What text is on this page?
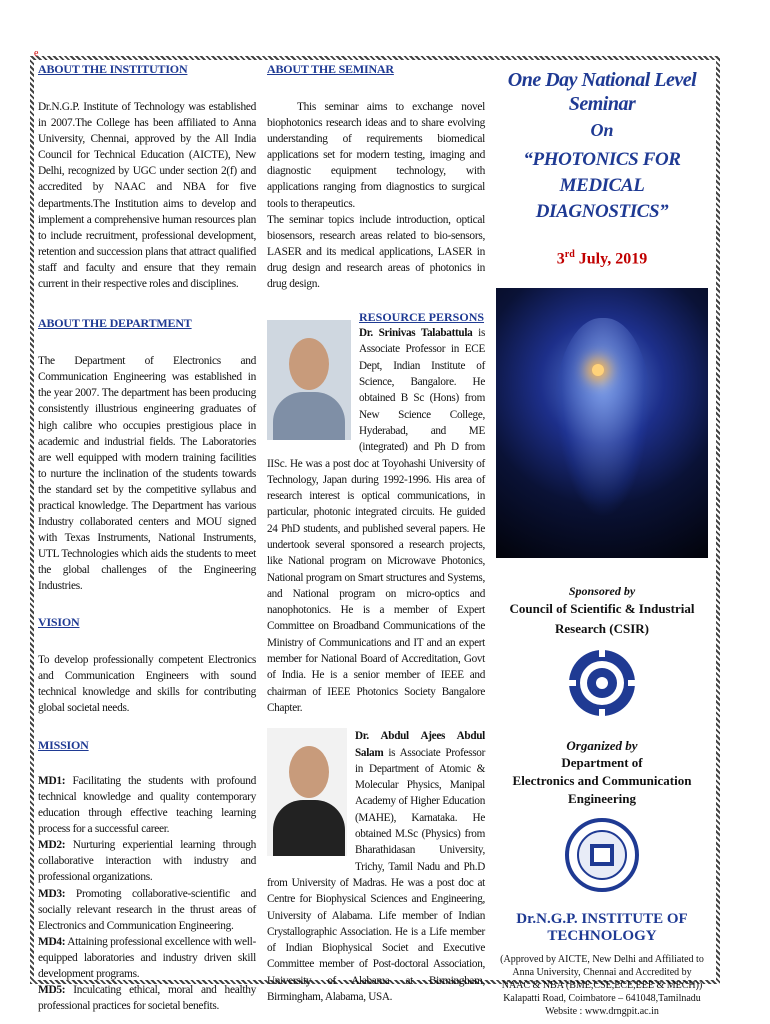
e
ABOUT THE INSTITUTION
Dr.N.G.P. Institute of Technology was established in 2007.The College has been affiliated to Anna University, Chennai, approved by the All India Council for Technical Education (AICTE), New Delhi, recognized by UGC under section 2(f) and accredited by NAAC and NBA for five departments.The Institution aims to develop and implement a comprehensive human resources plan to include recruitment, professional development, retention and succession plans that attract qualified staff and faculty and ensure that they remain current in their respective roles and disciplines.
ABOUT THE DEPARTMENT
The Department of Electronics and Communication Engineering was established in the year 2007. The department has been producing consistently illustrious engineering graduates of high calibre who occupies prestigious place in academic and industrial fields. The Laboratories are well equipped with modern training facilities to nurture the inclination of the students towards the standard set by the competitive syllabus and practical knowledge. The Department has various Industry collaborated centers and MOU signed with Texas Instruments, National Instruments, UTL Technologies which aids the students to meet the global challenges of the Engineering Industries.
VISION
To develop professionally competent Electronics and Communication Engineers with sound technical knowledge and skills for contributing global societal needs.
MISSION
MD1: Facilitating the students with profound technical knowledge and quality contemporary education through effective teaching learning process for a successful career.
MD2: Nurturing experiential learning through collaborative interaction with industry and professional organizations.
MD3: Promoting collaborative-scientific and socially relevant research in the thrust areas of Electronics and Communication Engineering.
MD4: Attaining professional excellence with well-equipped laboratories and industry driven skill development programs.
MD5: Inculcating ethical, moral and healthy professional practices for societal benefits.
ABOUT THE SEMINAR
This seminar aims to exchange novel biophotonics research ideas and to share evolving understanding of requirements biomedical applications set for modern testing, imaging and diagnostic equipment technology, with applications ranging from diagnostics to surgical tools to therapeutics.
The seminar topics include introduction, optical biosensors, research areas related to bio-sensors, LASER and its medical applications, LASER in drug design and research areas of photonics in drug design.
RESOURCE PERSONS
Dr. Srinivas Talabattula is Associate Professor in ECE Dept, Indian Institute of Science, Bangalore. He obtained B Sc (Hons) from New Science College, Hyderabad, and ME (integrated) and Ph D from IISc. He was a post doc at Toyohashi University of Technology, Japan during 1992-1996. His area of research interest is optical communications, in particular, photonic integrated circuits. He guided 24 PhD students, and published several papers. He undertook several sponsored a research projects, like National program on Microwave Photonics, National program on Smart structures and Systems, and National program on micro-optics and nanophotonics. He is a member of Expert Committee on Broadband Communications of the Ministry of Communications and IT and an expert member for National Board of Accreditation, Govt of India. He is a senior member of IEEE and chairman of IEEE Photonics Society Bangalore Chapter.
Dr. Abdul Ajees Abdul Salam is Associate Professor in Department of Atomic & Molecular Physics, Manipal Academy of Higher Education (MAHE), Karnataka. He obtained M.Sc (Physics) from Bharathidasan University, Trichy, Tamil Nadu and Ph.D from University of Madras. He was a post doc at Centre for Biophysical Sciences and Engineering, University of Alabama. Life member of Indian Crystallographic Association. He is a Life member of Indian Biophysical Societ and Executive Committee member of Post-doctoral Association, University of Alabama at Birmingham, Birmingham, Alabama, USA.
One Day National Level Seminar
On
“PHOTONICS FOR MEDICAL DIAGNOSTICS”
3rd July, 2019
Sponsored by
Council of Scientific & Industrial Research (CSIR)
Organized by
Department of
Electronics and Communication Engineering
Dr.N.G.P. INSTITUTE OF TECHNOLOGY
(Approved by AICTE, New Delhi and Affiliated to
Anna University, Chennai and Accredited by
NAAC & NBA (BME,CSE,ECE,EEE & MECH))
Kalapatti Road, Coimbatore – 641048,Tamilnadu
Website : www.drngpit.ac.in
